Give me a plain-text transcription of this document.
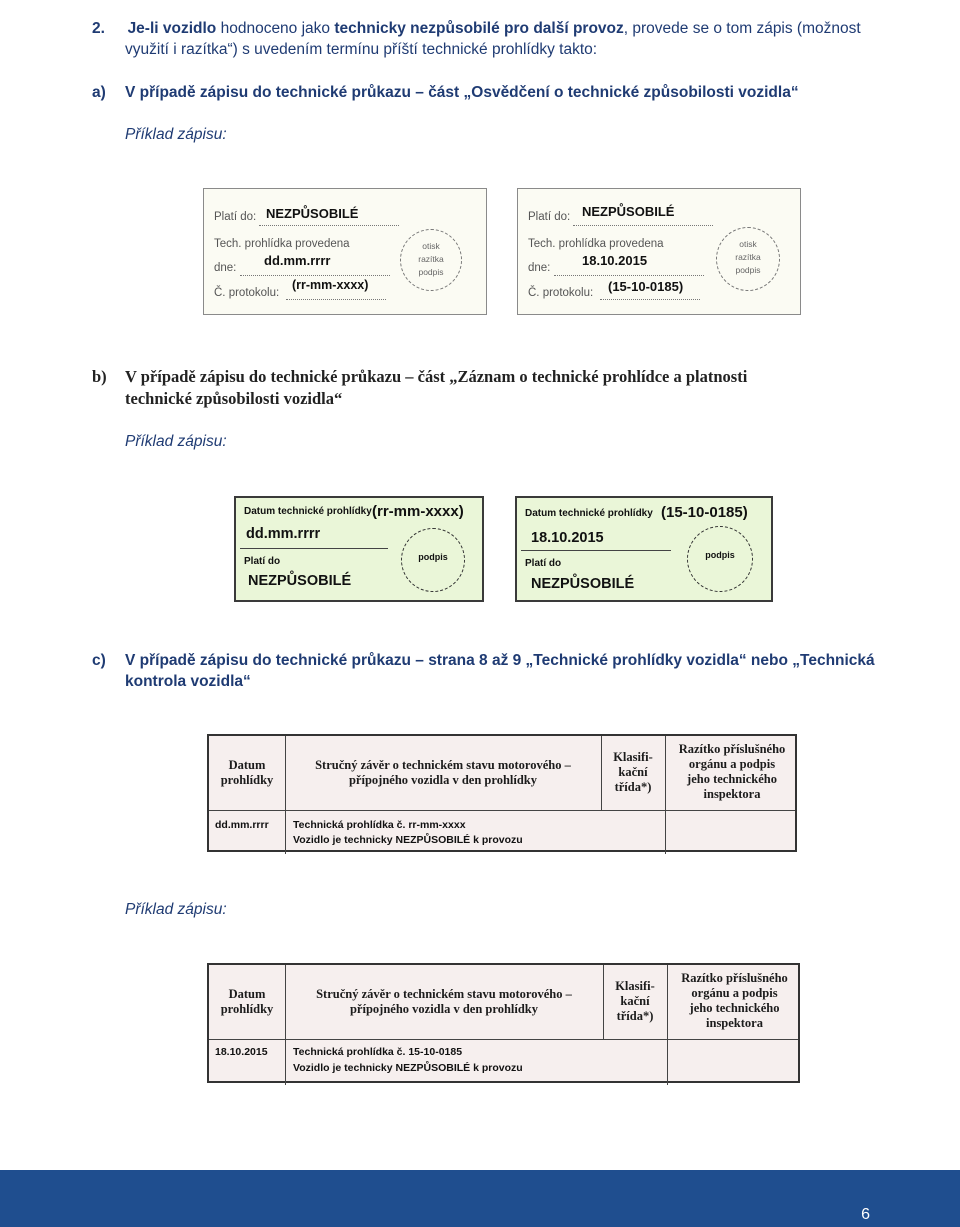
2. Je-li vozidlo hodnoceno jako technicky nezpůsobilé pro další provoz, provede se o tom zápis (možnost
využití i razítka“) s uvedením termínu příští technické prohlídky takto:
a) V případě zápisu do technické průkazu – část „Osvědčení o technické způsobilosti vozidla“
Příklad zápisu:
Platí do: NEZPŮSOBILÉ
Tech. prohlídka provedena
dne: dd.mm.rrrr
Č. protokolu:
(rr-mm-xxxx)
otisk
razítka
podpis
Platí do: NEZPŮSOBILÉ
Tech. prohlídka provedena
dne: 18.10.2015
Č. protokolu: (15-10-0185)
otisk
razítka
podpis
b) V případě zápisu do technické průkazu – část „Záznam o technické prohlídce a platnosti
technické způsobilosti vozidla“
Příklad zápisu:
Datum technické prohlídky (rr-mm-xxxx)
dd.mm.rrrr
Platí do
NEZPŮSOBILÉ
podpis
Datum technické prohlídky (15-10-0185)
18.10.2015
Platí do
NEZPŮSOBILÉ
podpis
c) V případě zápisu do technické průkazu – strana 8 až 9 „Technické prohlídky vozidla“ nebo „Technická
kontrola vozidla“
Datum
prohlídky
Stručný závěr o technickém stavu motorového –
přípojného vozidla v den prohlídky
Klasifi-
kační
třída*)
Razítko příslušného
orgánu a podpis
jeho technického
inspektora
dd.mm.rrrr Technická prohlídka č. rr-mm-xxxx
Vozidlo je technicky NEZPŮSOBILÉ k provozu
Příklad zápisu:
Datum
prohlídky
Stručný závěr o technickém stavu motorového –
přípojného vozidla v den prohlídky
Klasifi-
kační
třída*)
Razítko příslušného
orgánu a podpis
jeho technického
inspektora
18.10.2015 Technická prohlídka č. 15-10-0185
Vozidlo je technicky NEZPŮSOBILÉ k provozu
6
